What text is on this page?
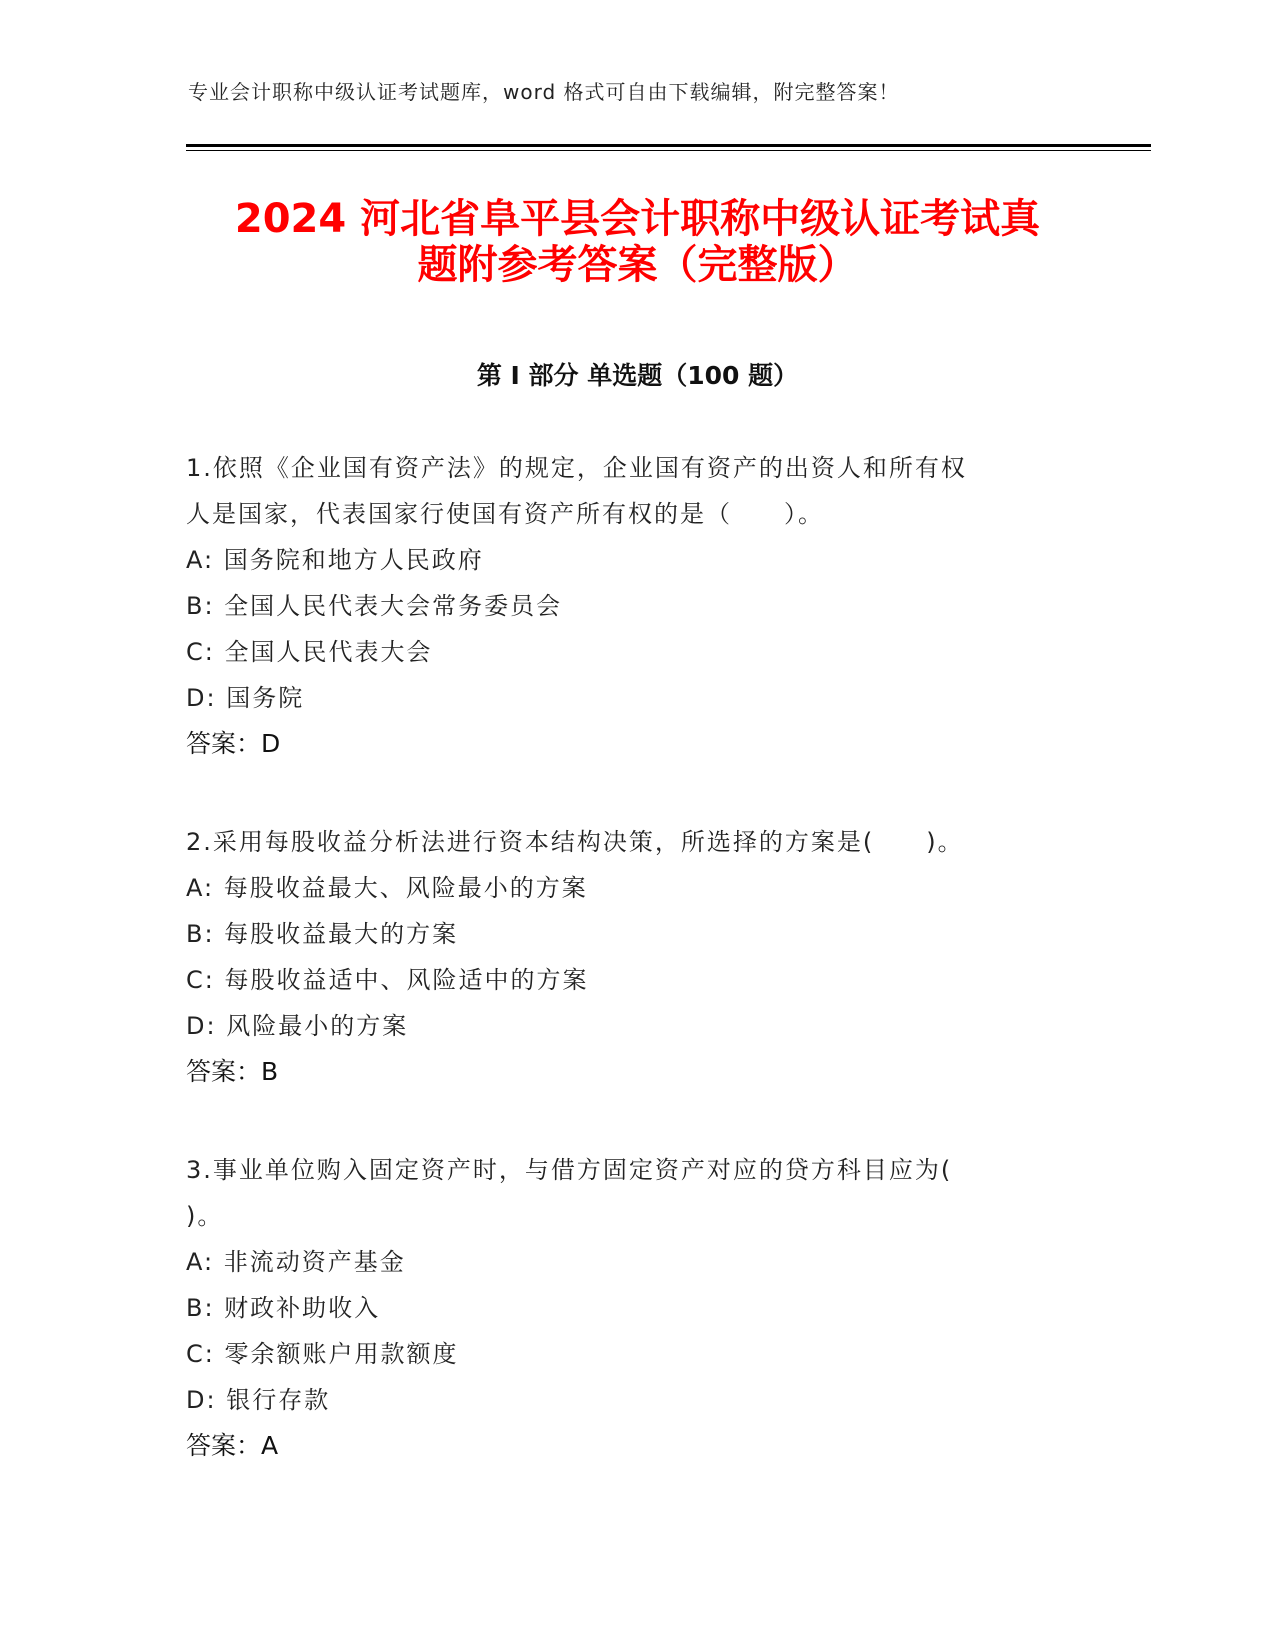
专业会计职称中级认证考试题库，word 格式可自由下载编辑，附完整答案！
2024 河北省阜平县会计职称中级认证考试真
题附参考答案（完整版）
第 I 部分 单选题（100 题）
1.依照《企业国有资产法》的规定，企业国有资产的出资人和所有权
人是国家，代表国家行使国有资产所有权的是（　　）。
A: 国务院和地方人民政府
B: 全国人民代表大会常务委员会
C: 全国人民代表大会
D: 国务院
答案：D
2.采用每股收益分析法进行资本结构决策，所选择的方案是(　　)。
A: 每股收益最大、风险最小的方案
B: 每股收益最大的方案
C: 每股收益适中、风险适中的方案
D: 风险最小的方案
答案：B
3.事业单位购入固定资产时，与借方固定资产对应的贷方科目应为(
)。
A: 非流动资产基金
B: 财政补助收入
C: 零余额账户用款额度
D: 银行存款
答案：A
